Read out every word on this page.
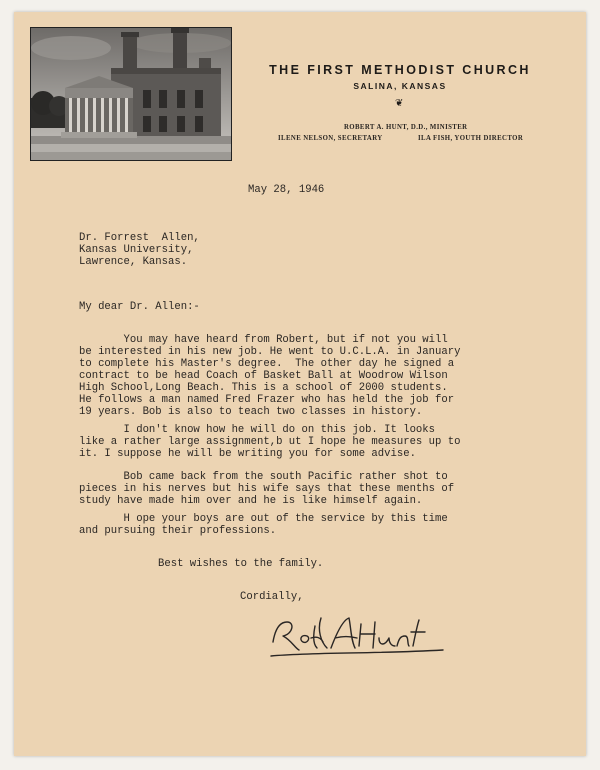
THE FIRST METHODIST CHURCH
SALINA, KANSAS
❦
ROBERT A. HUNT, D.D., MINISTER
ILENE NELSON, SECRETARY	ILA FISH, YOUTH DIRECTOR
May 28, 1946
Dr. Forrest  Allen,
Kansas University,
Lawrence, Kansas.
My dear Dr. Allen:-
You may have heard from Robert, but if not you will
be interested in his new job. He went to U.C.L.A. in January
to complete his Master's degree.  The other day he signed a
contract to be head Coach of Basket Ball at Woodrow Wilson
High School,Long Beach. This is a school of 2000 students.
He follows a man named Fred Frazer who has held the job for
19 years. Bob is also to teach two classes in history.
I don't know how he will do on this job. It looks
like a rather large assignment,b ut I hope he measures up to
it. I suppose he will be writing you for some advise.
Bob came back from the south Pacific rather shot to
pieces in his nerves but his wife says that these menths of
study have made him over and he is like himself again.
H ope your boys are out of the service by this time
and pursuing their professions.
Best wishes to the family.
Cordially,
